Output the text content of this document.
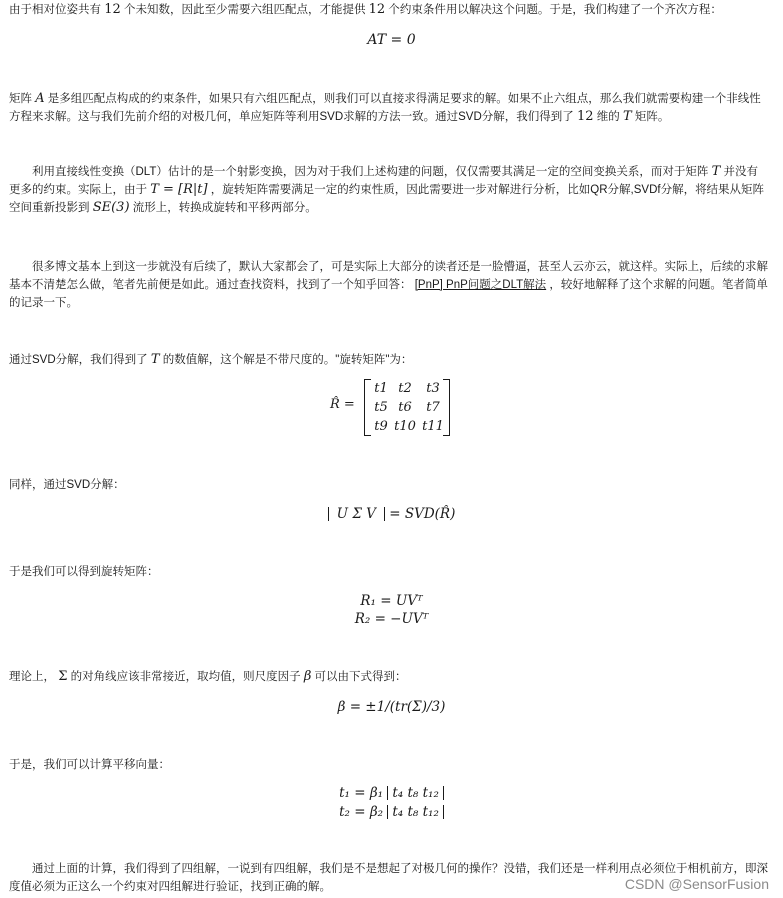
由于相对位姿共有 12 个未知数，因此至少需要六组匹配点，才能提供 12 个约束条件用以解决这个问题。于是，我们构建了一个齐次方程：

AT = 0

矩阵 A 是多组匹配点构成的约束条件，如果只有六组匹配点，则我们可以直接求得满足要求的解。如果不止六组点，那么我们就需要构建一个非线性方程来求解。这与我们先前介绍的对极几何，单应矩阵等利用SVD求解的方法一致。通过SVD分解，我们得到了 12 维的 T 矩阵。

利用直接线性变换（DLT）估计的是一个射影变换，因为对于我们上述构建的问题，仅仅需要其满足一定的空间变换关系，而对于矩阵 T 并没有更多的约束。实际上，由于 T = [R|t] ，旋转矩阵需要满足一定的约束性质，因此需要进一步对解进行分析，比如QR分解,SVDf分解，将结果从矩阵空间重新投影到 SE(3) 流形上，转换成旋转和平移两部分。

很多博文基本上到这一步就没有后续了，默认大家都会了，可是实际上大部分的读者还是一脸懵逼，甚至人云亦云，就这样。实际上，后续的求解基本不清楚怎么做，笔者先前便是如此。通过查找资料，找到了一个知乎回答： [PnP] PnP问题之DLT解法 ，较好地解释了这个求解的问题。笔者简单的记录一下。

通过SVD分解，我们得到了 T 的数值解，这个解是不带尺度的。"旋转矩阵"为：

R̂ =
t1 t2	t3
t5 t6	t7
t9 t10 t11

同样，通过SVD分解：

U Σ V = SVD(R̂)

于是我们可以得到旋转矩阵：

R₁ = UVᵀ
R₂ = −UVᵀ

理论上， Σ 的对角线应该非常接近，取均值，则尺度因子 β 可以由下式得到：

β = ±1/(tr(Σ)/3)

于是，我们可以计算平移向量：

t₁ = β₁ t₄ t₈ t₁₂
t₂ = β₂ t₄ t₈ t₁₂

通过上面的计算，我们得到了四组解，一说到有四组解，我们是不是想起了对极几何的操作？没错，我们还是一样利用点必须位于相机前方，即深度值必须为正这么一个约束对四组解进行验证，找到正确的解。	CSDN @SensorFusion
